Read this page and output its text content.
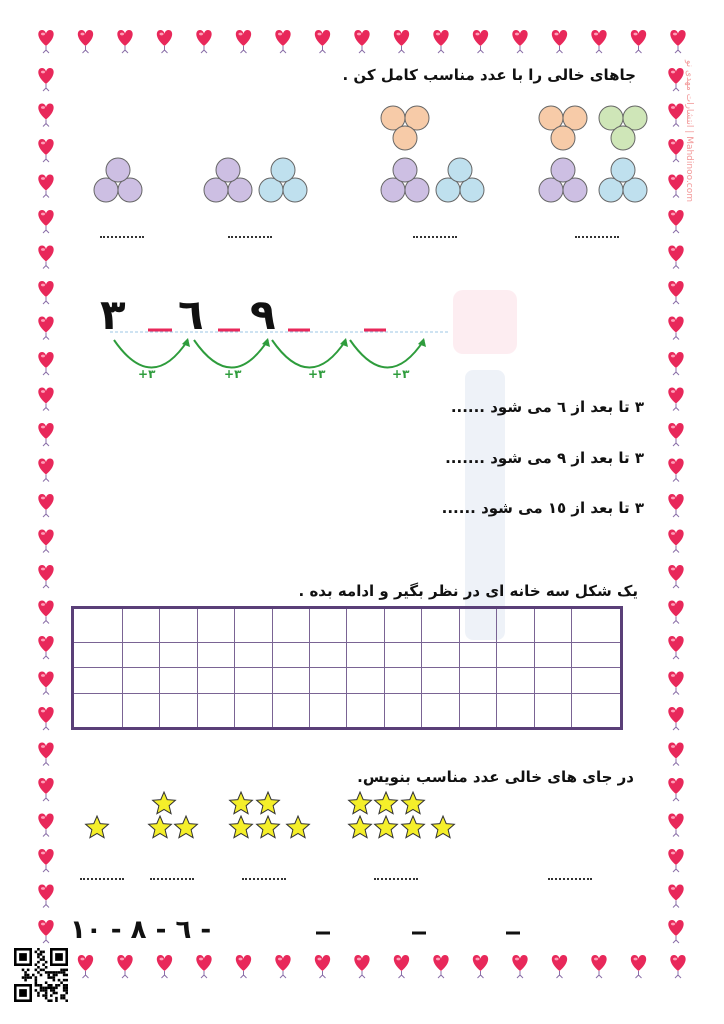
انتشارات مهدی نو | Mahdinoo.com
جاهای خالی را با عدد مناسب کامل کن .
٣ ٦ ٩
+٣	+٣	+٣	+٣
٣ تا بعد از ٦ می شود ......
٣ تا بعد از ٩ می شود .......
٣ تا بعد از ١٥ می شود ......
یک شکل سه خانه ای در نظر بگیر و ادامه بده .

در جای های خالی عدد مناسب بنویس.
٦ - ٨ - ١٠ -
